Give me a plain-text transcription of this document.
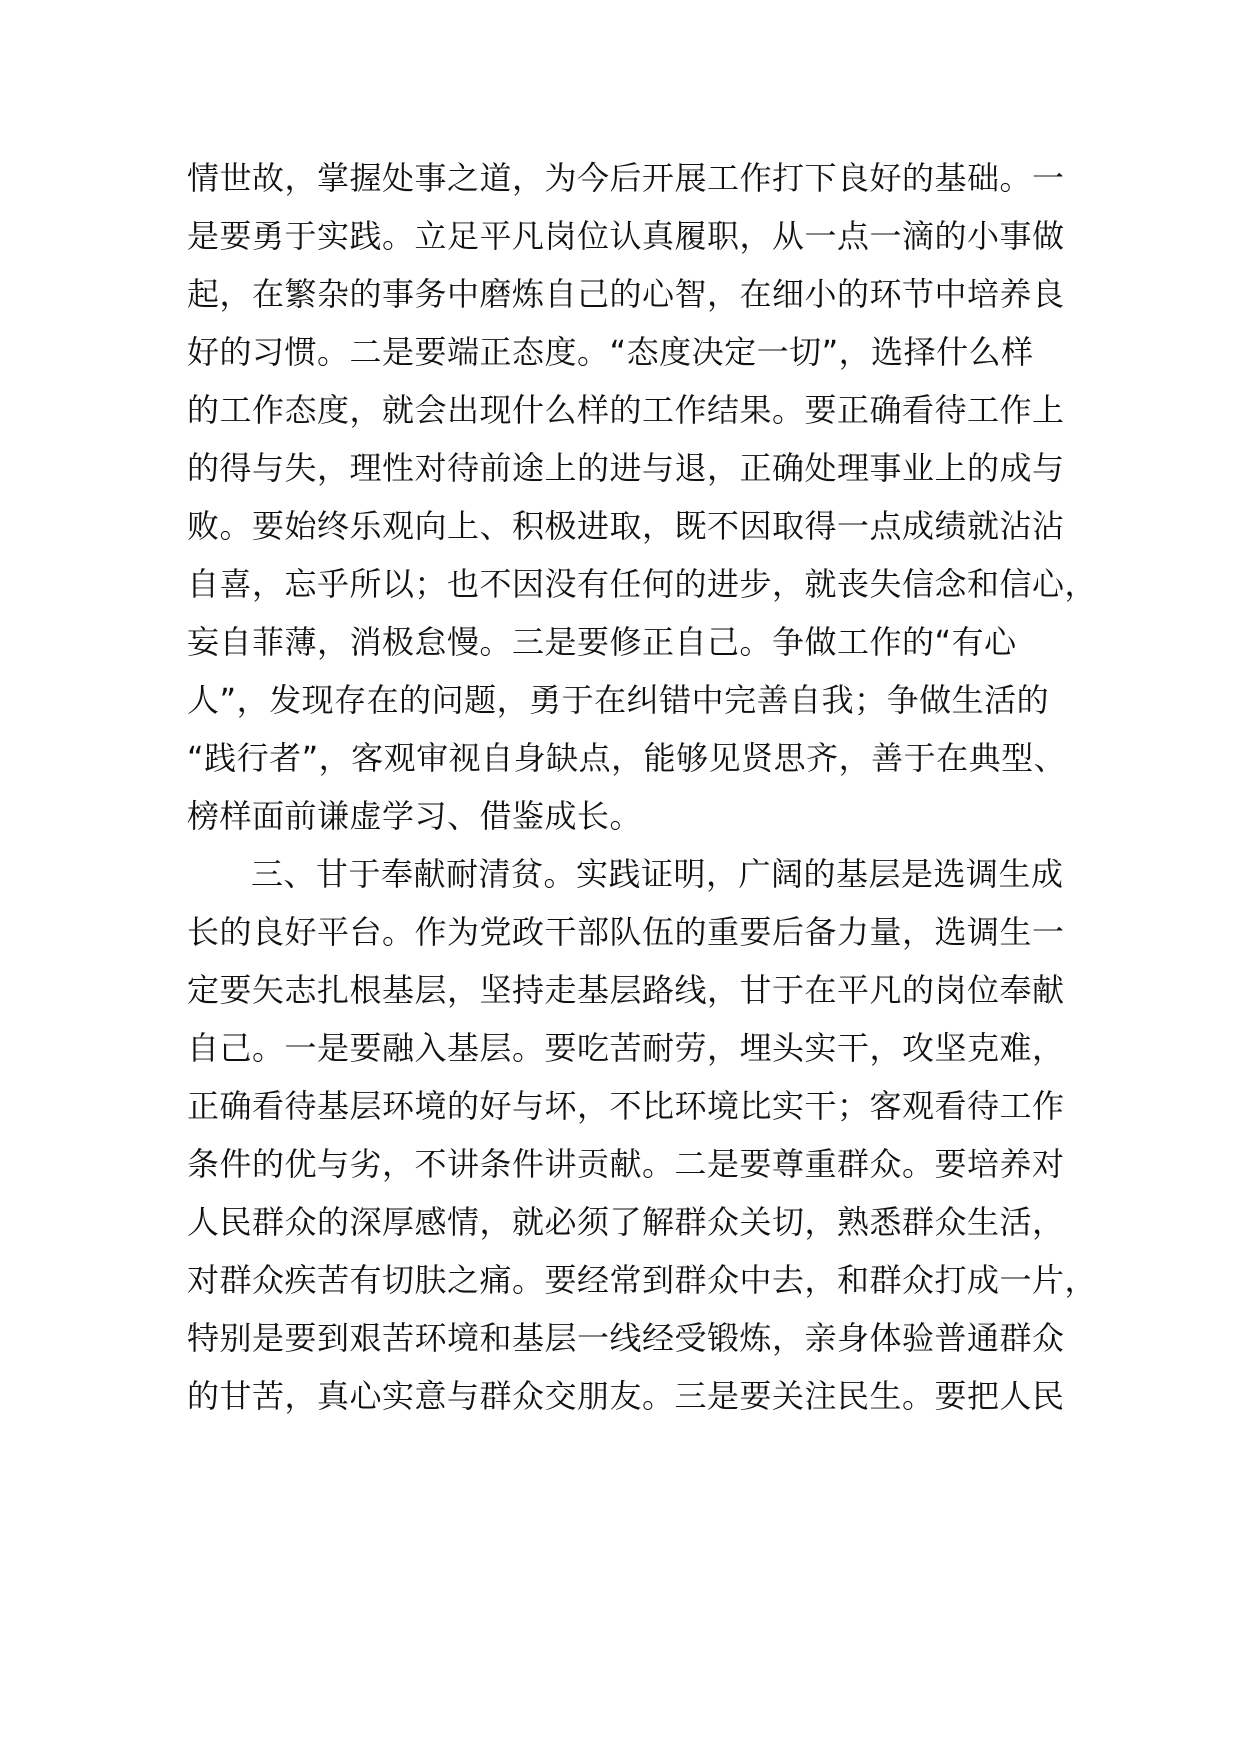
情世故，掌握处事之道，为今后开展工作打下良好的基础。一
是要勇于实践。立足平凡岗位认真履职，从一点一滴的小事做
起，在繁杂的事务中磨炼自己的心智，在细小的环节中培养良
好的习惯。二是要端正态度。“态度决定一切”，选择什么样
的工作态度，就会出现什么样的工作结果。要正确看待工作上
的得与失，理性对待前途上的进与退，正确处理事业上的成与
败。要始终乐观向上、积极进取，既不因取得一点成绩就沾沾
自喜，忘乎所以；也不因没有任何的进步，就丧失信念和信心，
妄自菲薄，消极怠慢。三是要修正自己。争做工作的“有心
人”，发现存在的问题，勇于在纠错中完善自我；争做生活的
“践行者”，客观审视自身缺点，能够见贤思齐，善于在典型、
榜样面前谦虚学习、借鉴成长。
三、甘于奉献耐清贫。实践证明，广阔的基层是选调生成
长的良好平台。作为党政干部队伍的重要后备力量，选调生一
定要矢志扎根基层，坚持走基层路线，甘于在平凡的岗位奉献
自己。一是要融入基层。要吃苦耐劳，埋头实干，攻坚克难，
正确看待基层环境的好与坏，不比环境比实干；客观看待工作
条件的优与劣，不讲条件讲贡献。二是要尊重群众。要培养对
人民群众的深厚感情，就必须了解群众关切，熟悉群众生活，
对群众疾苦有切肤之痛。要经常到群众中去，和群众打成一片，
特别是要到艰苦环境和基层一线经受锻炼，亲身体验普通群众
的甘苦，真心实意与群众交朋友。三是要关注民生。要把人民
